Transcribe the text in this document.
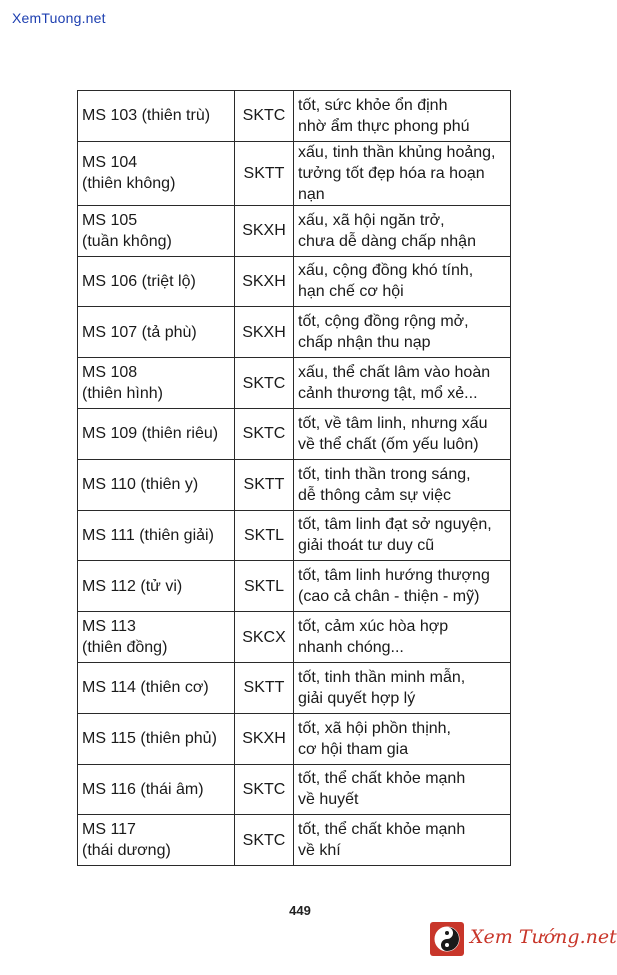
XemTuong.net
MS 103 (thiên trù)	SKTC	tốt, sức khỏe ổn định
nhờ ẩm thực phong phú
MS 104
(thiên không)	SKTT	xấu, tinh thần khủng hoảng,
tưởng tốt đẹp hóa ra hoạn nạn
MS 105
(tuần không)	SKXH	xấu, xã hội ngăn trở,
chưa dễ dàng chấp nhận
MS 106 (triệt lộ)	SKXH	xấu, cộng đồng khó tính,
hạn chế cơ hội
MS 107 (tả phù)	SKXH	tốt, cộng đồng rộng mở,
chấp nhận thu nạp
MS 108
(thiên hình)	SKTC	xấu, thể chất lâm vào hoàn
cảnh thương tật, mổ xẻ...
MS 109 (thiên riêu)	SKTC	tốt, về tâm linh, nhưng xấu
về thể chất (ốm yếu luôn)
MS 110 (thiên y)	SKTT	tốt, tinh thần trong sáng,
dễ thông cảm sự việc
MS 111 (thiên giải)	SKTL	tốt, tâm linh đạt sở nguyện,
giải thoát tư duy cũ
MS 112 (tử vi)	SKTL	tốt, tâm linh hướng thượng
(cao cả chân - thiện - mỹ)
MS 113
(thiên đồng)	SKCX	tốt, cảm xúc hòa hợp
nhanh chóng...
MS 114 (thiên cơ)	SKTT	tốt, tinh thần minh mẫn,
giải quyết hợp lý
MS 115 (thiên phủ)	SKXH	tốt, xã hội phồn thịnh,
cơ hội tham gia
MS 116 (thái âm)	SKTC	tốt, thể chất khỏe mạnh
về huyết
MS 117
(thái dương)	SKTC	tốt, thể chất khỏe mạnh
về khí
449
Xem Tướng.net
